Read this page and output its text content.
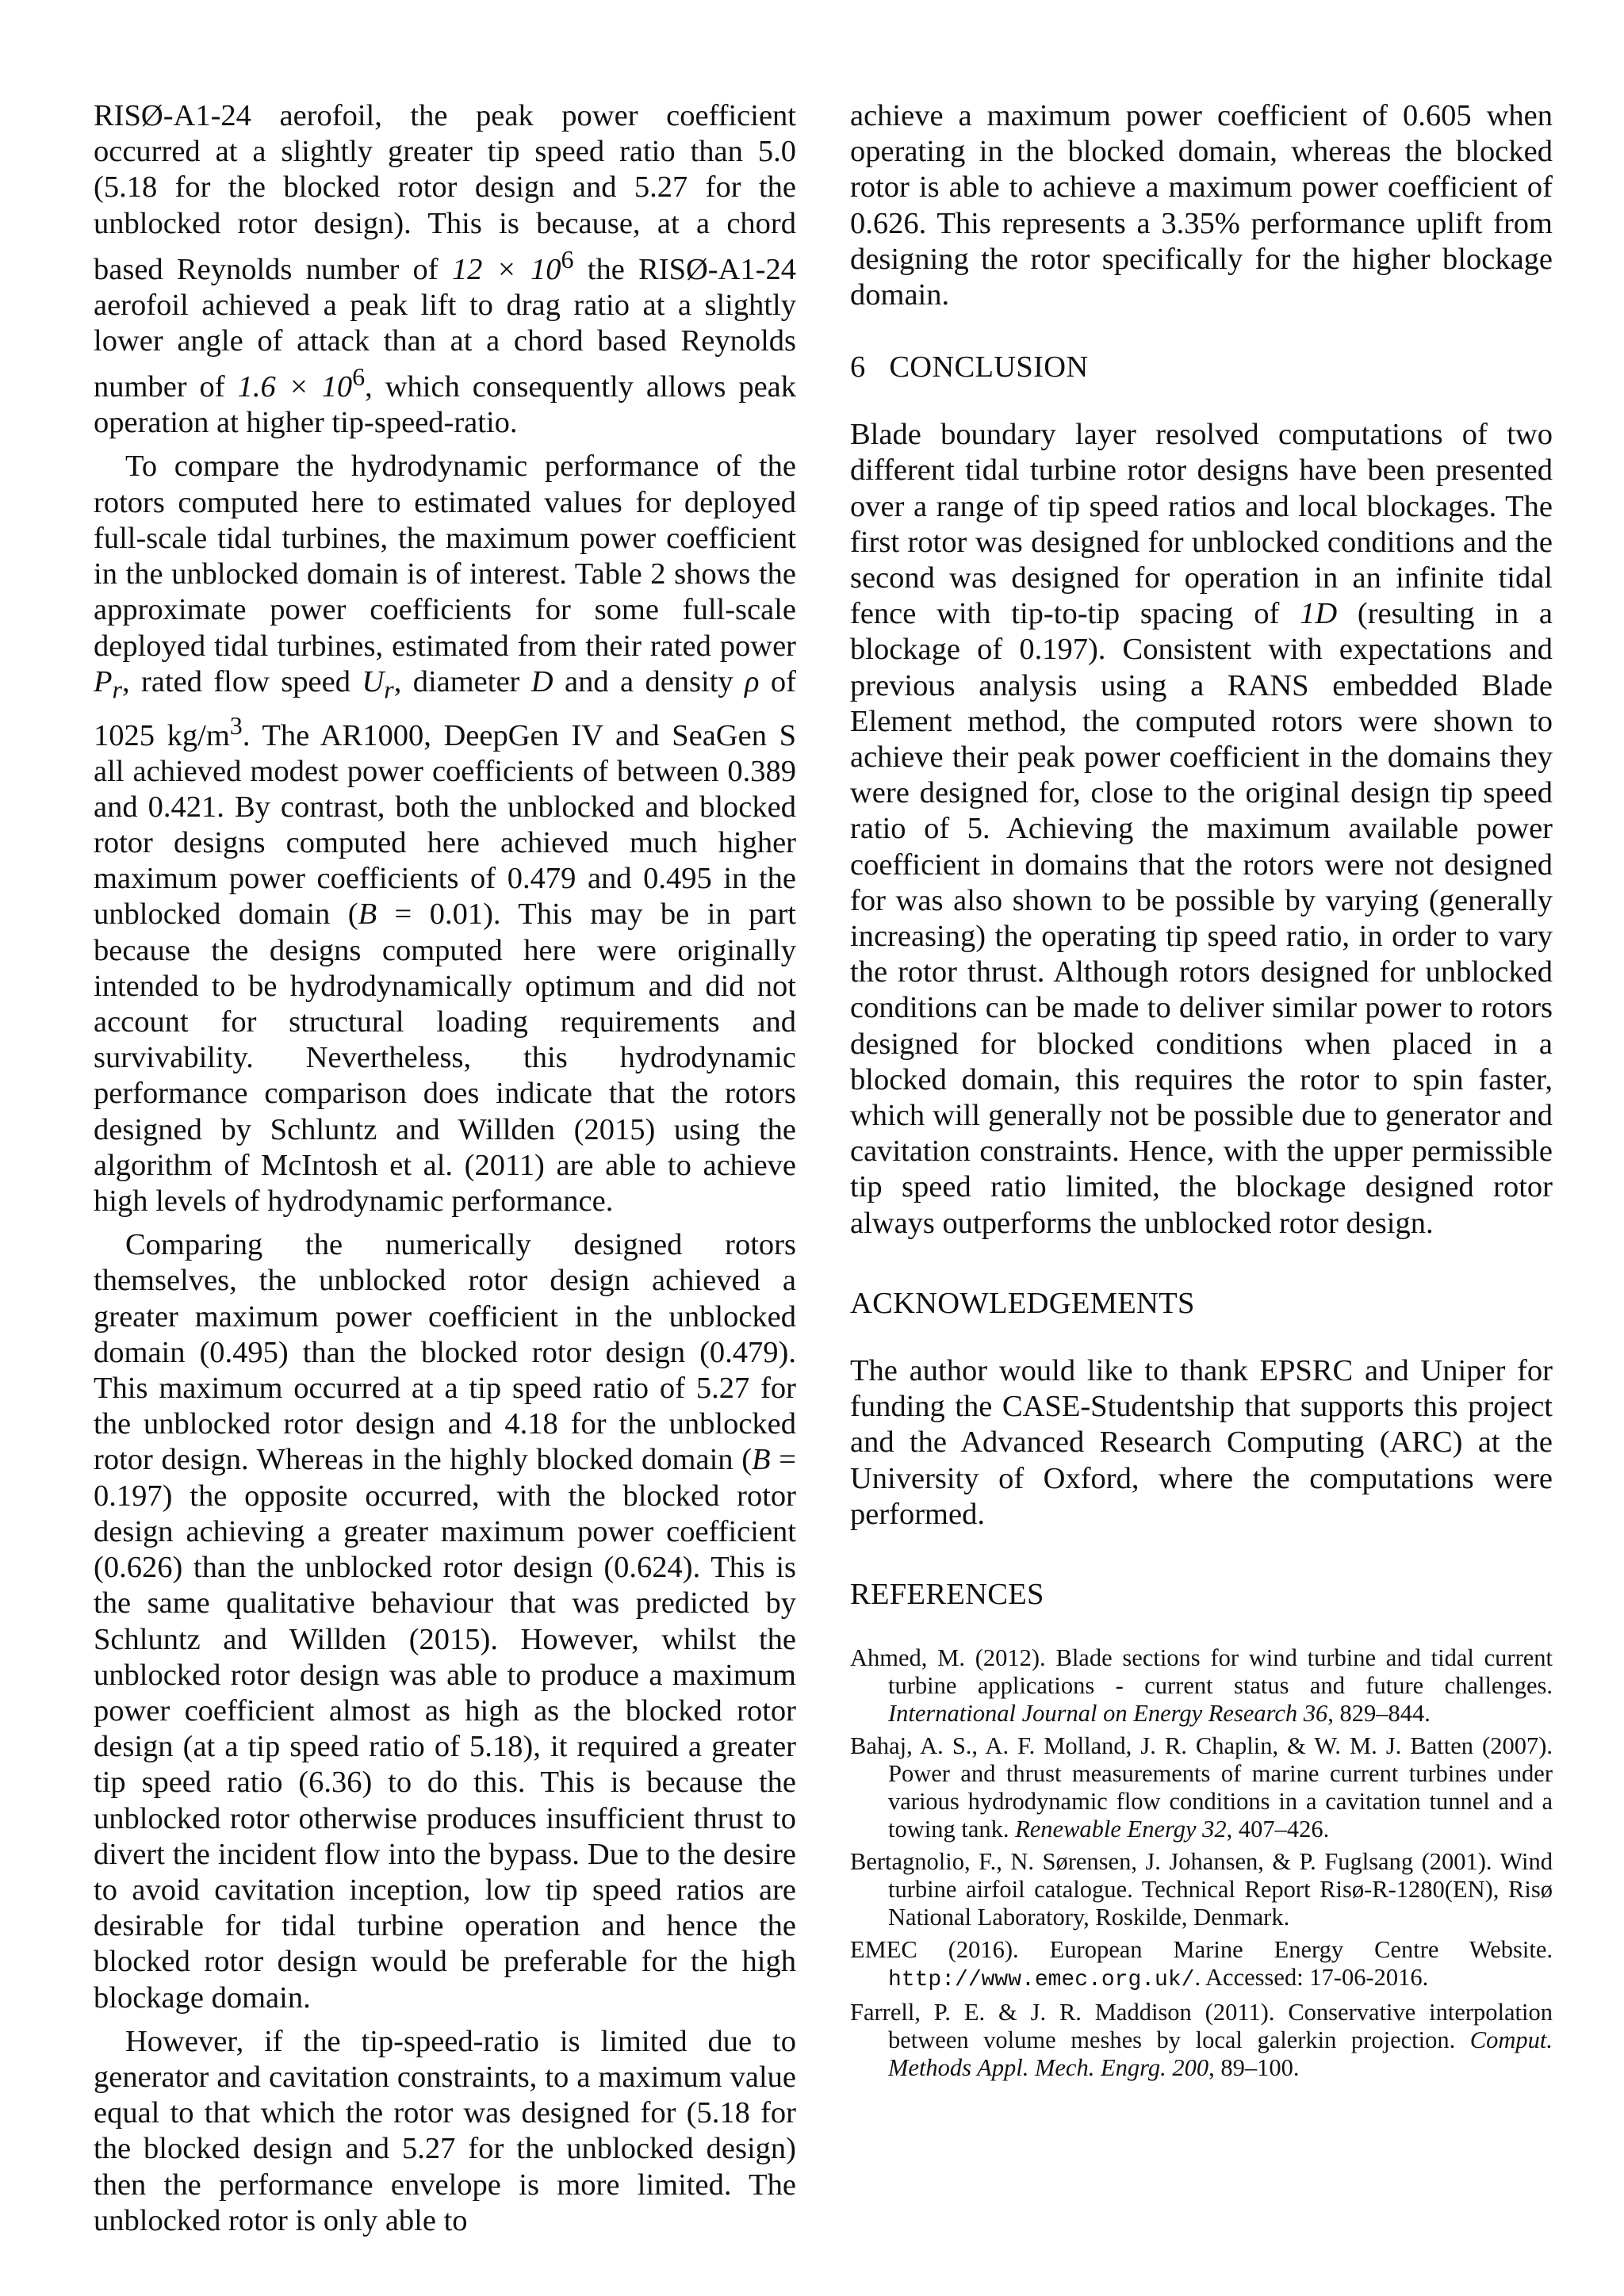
RISØ-A1-24 aerofoil, the peak power coefficient occurred at a slightly greater tip speed ratio than 5.0 (5.18 for the blocked rotor design and 5.27 for the unblocked rotor design). This is because, at a chord based Reynolds number of $12 \times 10^6$ the RISØ-A1-24 aerofoil achieved a peak lift to drag ratio at a slightly lower angle of attack than at a chord based Reynolds number of $1.6 \times 10^6$, which consequently allows peak operation at higher tip-speed-ratio.

To compare the hydrodynamic performance of the rotors computed here to estimated values for deployed full-scale tidal turbines, the maximum power coefficient in the unblocked domain is of interest. Table 2 shows the approximate power coefficients for some full-scale deployed tidal turbines, estimated from their rated power $P_r$, rated flow speed $U_r$, diameter D and a density ρ of 1025 $kg/m^3$. The AR1000, DeepGen IV and SeaGen S all achieved modest power coefficients of between 0.389 and 0.421. By contrast, both the unblocked and blocked rotor designs computed here achieved much higher maximum power coefficients of 0.479 and 0.495 in the unblocked domain (B = 0.01). This may be in part because the designs computed here were originally intended to be hydrodynamically optimum and did not account for structural loading requirements and survivability. Nevertheless, this hydrodynamic performance comparison does indicate that the rotors designed by Schluntz and Willden (2015) using the algorithm of McIntosh et al. (2011) are able to achieve high levels of hydrodynamic performance.

Comparing the numerically designed rotors themselves, the unblocked rotor design achieved a greater maximum power coefficient in the unblocked domain (0.495) than the blocked rotor design (0.479). This maximum occurred at a tip speed ratio of 5.27 for the unblocked rotor design and 4.18 for the unblocked rotor design. Whereas in the highly blocked domain (B = 0.197) the opposite occurred, with the blocked rotor design achieving a greater maximum power coefficient (0.626) than the unblocked rotor design (0.624). This is the same qualitative behaviour that was predicted by Schluntz and Willden (2015). However, whilst the unblocked rotor design was able to produce a maximum power coefficient almost as high as the blocked rotor design (at a tip speed ratio of 5.18), it required a greater tip speed ratio (6.36) to do this. This is because the unblocked rotor otherwise produces insufficient thrust to divert the incident flow into the bypass. Due to the desire to avoid cavitation inception, low tip speed ratios are desirable for tidal turbine operation and hence the blocked rotor design would be preferable for the high blockage domain.

However, if the tip-speed-ratio is limited due to generator and cavitation constraints, to a maximum value equal to that which the rotor was designed for (5.18 for the blocked design and 5.27 for the unblocked design) then the performance envelope is more limited. The unblocked rotor is only able to

achieve a maximum power coefficient of 0.605 when operating in the blocked domain, whereas the blocked rotor is able to achieve a maximum power coefficient of 0.626. This represents a 3.35% performance uplift from designing the rotor specifically for the higher blockage domain.

6   CONCLUSION

Blade boundary layer resolved computations of two different tidal turbine rotor designs have been presented over a range of tip speed ratios and local blockages. The first rotor was designed for unblocked conditions and the second was designed for operation in an infinite tidal fence with tip-to-tip spacing of 1D (resulting in a blockage of 0.197). Consistent with expectations and previous analysis using a RANS embedded Blade Element method, the computed rotors were shown to achieve their peak power coefficient in the domains they were designed for, close to the original design tip speed ratio of 5. Achieving the maximum available power coefficient in domains that the rotors were not designed for was also shown to be possible by varying (generally increasing) the operating tip speed ratio, in order to vary the rotor thrust. Although rotors designed for unblocked conditions can be made to deliver similar power to rotors designed for blocked conditions when placed in a blocked domain, this requires the rotor to spin faster, which will generally not be possible due to generator and cavitation constraints. Hence, with the upper permissible tip speed ratio limited, the blockage designed rotor always outperforms the unblocked rotor design.

ACKNOWLEDGEMENTS

The author would like to thank EPSRC and Uniper for funding the CASE-Studentship that supports this project and the Advanced Research Computing (ARC) at the University of Oxford, where the computations were performed.

REFERENCES
Ahmed, M. (2012). Blade sections for wind turbine and tidal current turbine applications - current status and future challenges. International Journal on Energy Research 36, 829–844.
Bahaj, A. S., A. F. Molland, J. R. Chaplin, & W. M. J. Batten (2007). Power and thrust measurements of marine current turbines under various hydrodynamic flow conditions in a cavitation tunnel and a towing tank. Renewable Energy 32, 407–426.
Bertagnolio, F., N. Sørensen, J. Johansen, & P. Fuglsang (2001). Wind turbine airfoil catalogue. Technical Report Risø-R-1280(EN), Risø National Laboratory, Roskilde, Denmark.
EMEC (2016). European Marine Energy Centre Website. http://www.emec.org.uk/. Accessed: 17-06-2016.
Farrell, P. E. & J. R. Maddison (2011). Conservative interpolation between volume meshes by local galerkin projection. Comput. Methods Appl. Mech. Engrg. 200, 89–100.
